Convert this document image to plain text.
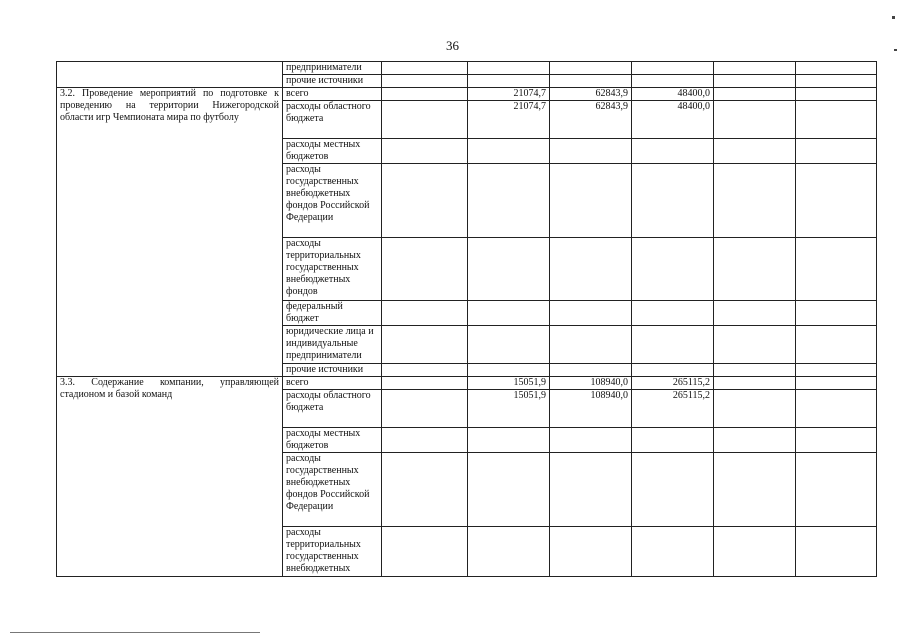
36
	предприниматели						
	прочие источники						
3.2. Проведение мероприятий по подготовке к проведению на территории Нижегородской области игр Чемпионата мира по футболу	всего		21074,7	62843,9	48400,0		
	расходы областного бюджета		21074,7	62843,9	48400,0		
	расходы местных бюджетов						
	расходы государственных внебюджетных фондов Российской Федерации						
	расходы территориальных государственных внебюджетных фондов						
	федеральный бюджет						
	юридические лица и индивидуальные предприниматели						
	прочие источники						
3.3. Содержание компании, управляющей стадионом и базой команд	всего		15051,9	108940,0	265115,2		
	расходы областного бюджета		15051,9	108940,0	265115,2		
	расходы местных бюджетов						
	расходы государственных внебюджетных фондов Российской Федерации						
	расходы территориальных государственных внебюджетных						
